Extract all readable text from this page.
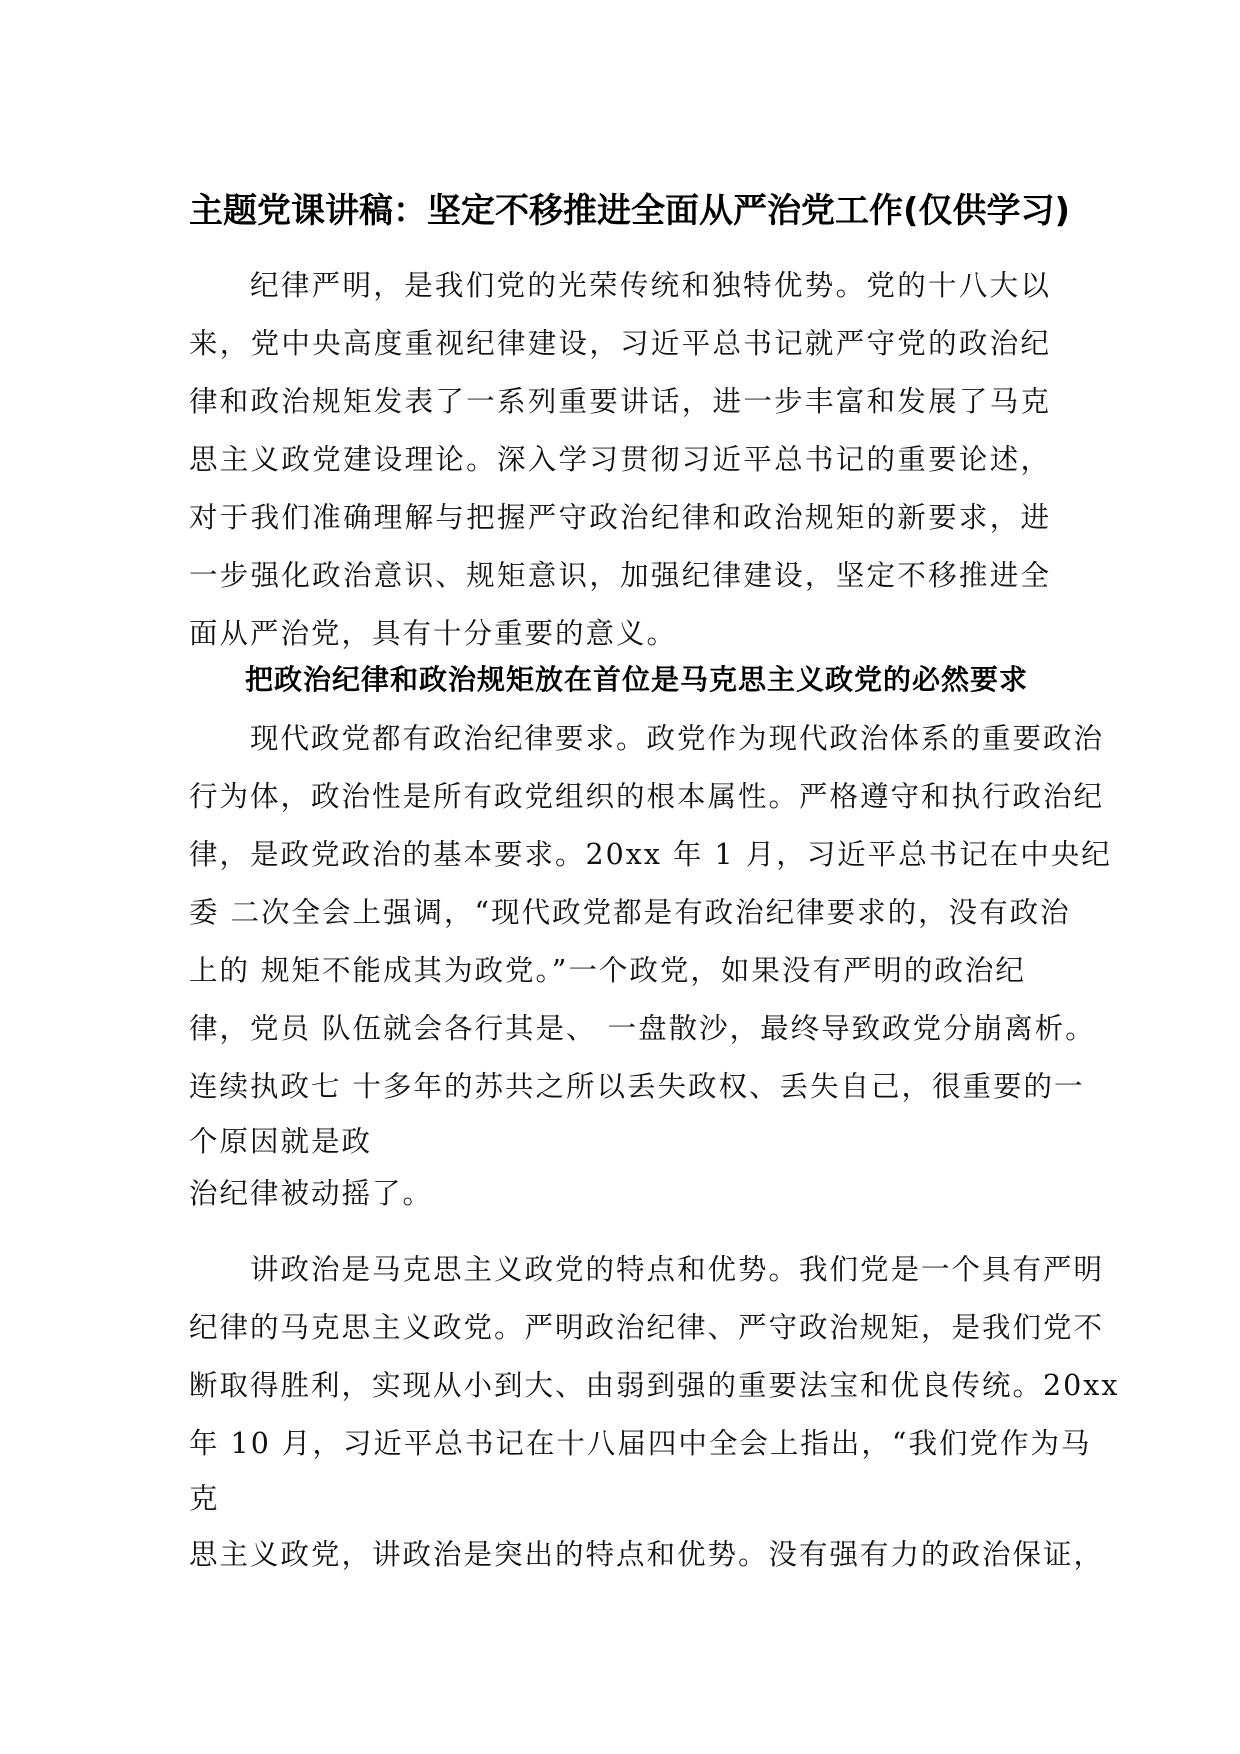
主题党课讲稿：坚定不移推进全面从严治党工作(仅供学习)
纪律严明，是我们党的光荣传统和独特优势。党的十八大以来，党中央高度重视纪律建设，习近平总书记就严守党的政治纪律和政治规矩发表了一系列重要讲话，进一步丰富和发展了马克思主义政党建设理论。深入学习贯彻习近平总书记的重要论述，对于我们准确理解与把握严守政治纪律和政治规矩的新要求，进一步强化政治意识、规矩意识，加强纪律建设，坚定不移推进全面从严治党，具有十分重要的意义。
把政治纪律和政治规矩放在首位是马克思主义政党的必然要求
现代政党都有政治纪律要求。政党作为现代政治体系的重要政治
行为体，政治性是所有政党组织的根本属性。严格遵守和执行政治纪
律，是政党政治的基本要求。20xx 年 1 月，习近平总书记在中央纪
委 二次全会上强调，“现代政党都是有政治纪律要求的，没有政治
上的 规矩不能成其为政党。”一个政党，如果没有严明的政治纪
律，党员 队伍就会各行其是、 一盘散沙，最终导致政党分崩离析。
连续执政七 十多年的苏共之所以丢失政权、丢失自己，很重要的一
个原因就是政
治纪律被动摇了。
讲政治是马克思主义政党的特点和优势。我们党是一个具有严明
纪律的马克思主义政党。严明政治纪律、严守政治规矩，是我们党不
断取得胜利，实现从小到大、由弱到强的重要法宝和优良传统。20xx
年 10 月，习近平总书记在十八届四中全会上指出，“我们党作为马
克
思主义政党，讲政治是突出的特点和优势。没有强有力的政治保证，
